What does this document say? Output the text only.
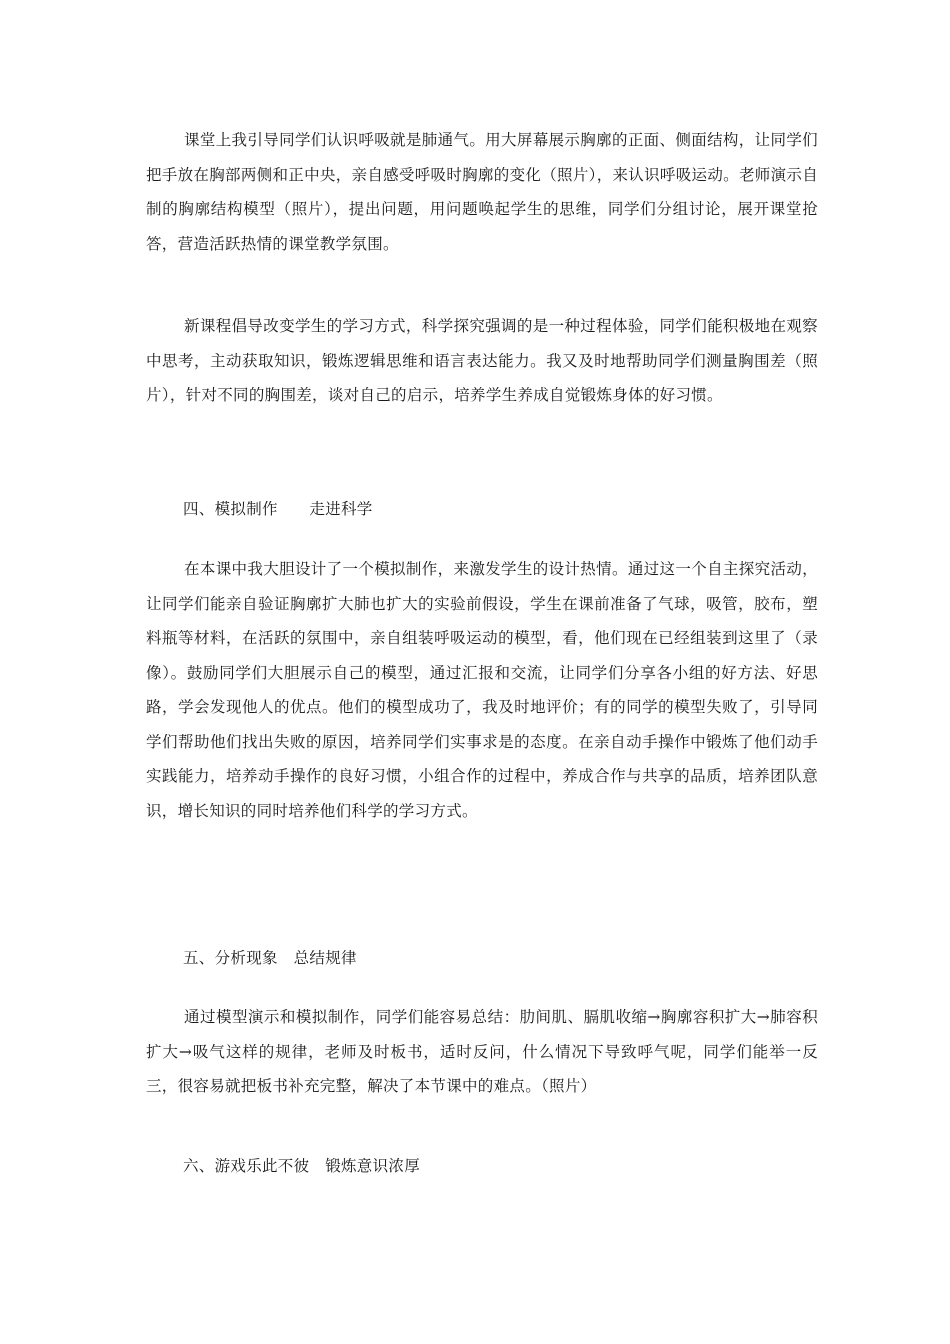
课堂上我引导同学们认识呼吸就是肺通气。用大屏幕展示胸廓的正面、侧面结构，让同学们把手放在胸部两侧和正中央，亲自感受呼吸时胸廓的变化（照片），来认识呼吸运动。老师演示自制的胸廓结构模型（照片），提出问题，用问题唤起学生的思维，同学们分组讨论，展开课堂抢答，营造活跃热情的课堂教学氛围。

新课程倡导改变学生的学习方式，科学探究强调的是一种过程体验，同学们能积极地在观察中思考，主动获取知识，锻炼逻辑思维和语言表达能力。我又及时地帮助同学们测量胸围差（照片），针对不同的胸围差，谈对自己的启示，培养学生养成自觉锻炼身体的好习惯。

四、模拟制作　　走进科学

在本课中我大胆设计了一个模拟制作，来激发学生的设计热情。通过这一个自主探究活动，让同学们能亲自验证胸廓扩大肺也扩大的实验前假设，学生在课前准备了气球，吸管，胶布，塑料瓶等材料，在活跃的氛围中，亲自组装呼吸运动的模型，看，他们现在已经组装到这里了（录像）。鼓励同学们大胆展示自己的模型，通过汇报和交流，让同学们分享各小组的好方法、好思路，学会发现他人的优点。他们的模型成功了，我及时地评价；有的同学的模型失败了，引导同学们帮助他们找出失败的原因，培养同学们实事求是的态度。在亲自动手操作中锻炼了他们动手实践能力，培养动手操作的良好习惯，小组合作的过程中，养成合作与共享的品质，培养团队意识，增长知识的同时培养他们科学的学习方式。

五、分析现象　总结规律

通过模型演示和模拟制作，同学们能容易总结：肋间肌、膈肌收缩→胸廓容积扩大→肺容积扩大→吸气这样的规律，老师及时板书，适时反问，什么情况下导致呼气呢，同学们能举一反三，很容易就把板书补充完整，解决了本节课中的难点。（照片）

六、游戏乐此不彼　锻炼意识浓厚
